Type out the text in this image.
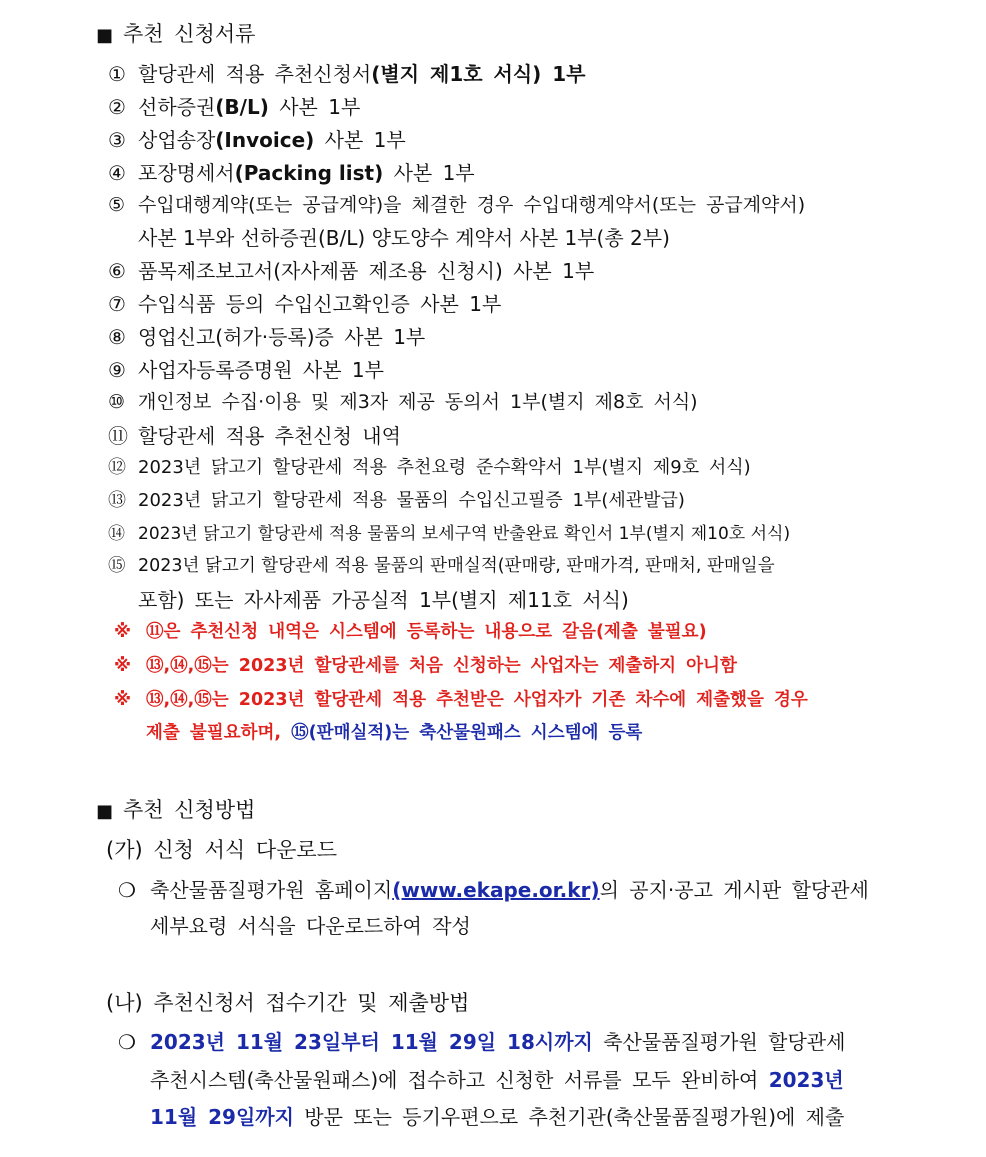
■ 추천 신청서류
① 할당관세 적용 추천신청서(별지 제1호 서식) 1부
② 선하증권(B/L) 사본 1부
③ 상업송장(Invoice) 사본 1부
④ 포장명세서(Packing list) 사본 1부
⑤ 수입대행계약(또는 공급계약)을 체결한 경우 수입대행계약서(또는 공급계약서)
사본 1부와 선하증권(B/L) 양도양수 계약서 사본 1부(총 2부)
⑥ 품목제조보고서(자사제품 제조용 신청시) 사본 1부
⑦ 수입식품 등의 수입신고확인증 사본 1부
⑧ 영업신고(허가·등록)증 사본 1부
⑨ 사업자등록증명원 사본 1부
⑩ 개인정보 수집·이용 및 제3자 제공 동의서 1부(별지 제8호 서식)
⑪ 할당관세 적용 추천신청 내역
⑫ 2023년 닭고기 할당관세 적용 추천요령 준수확약서 1부(별지 제9호 서식)
⑬ 2023년 닭고기 할당관세 적용 물품의 수입신고필증 1부(세관발급)
⑭ 2023년 닭고기 할당관세 적용 물품의 보세구역 반출완료 확인서 1부(별지 제10호 서식)
⑮ 2023년 닭고기 할당관세 적용 물품의 판매실적(판매량, 판매가격, 판매처, 판매일을
포함) 또는 자사제품 가공실적 1부(별지 제11호 서식)
※ ⑪은 추천신청 내역은 시스템에 등록하는 내용으로 갈음(제출 불필요)
※ ⑬,⑭,⑮는 2023년 할당관세를 처음 신청하는 사업자는 제출하지 아니함
※ ⑬,⑭,⑮는 2023년 할당관세 적용 추천받은 사업자가 기존 차수에 제출했을 경우
제출 불필요하며, ⑮(판매실적)는 축산물원패스 시스템에 등록
■ 추천 신청방법
(가) 신청 서식 다운로드
❍ 축산물품질평가원 홈페이지(www.ekape.or.kr)의 공지·공고 게시판 할당관세
세부요령 서식을 다운로드하여 작성
(나) 추천신청서 접수기간 및 제출방법
❍ 2023년 11월 23일부터 11월 29일 18시까지 축산물품질평가원 할당관세
추천시스템(축산물원패스)에 접수하고 신청한 서류를 모두 완비하여 2023년
11월 29일까지 방문 또는 등기우편으로 추천기관(축산물품질평가원)에 제출
